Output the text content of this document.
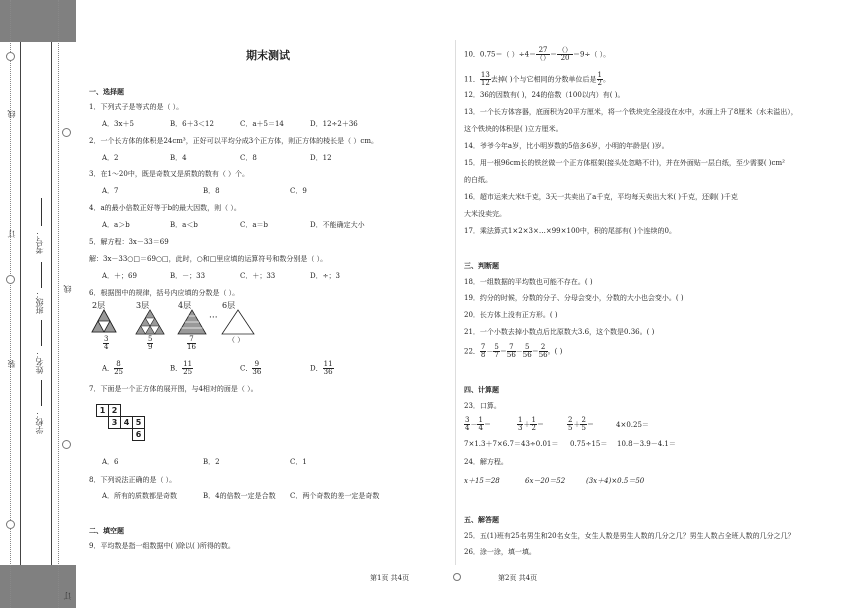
线
订
装
线
订
考号：
班级：
姓名：
学校：
期末测试
一、选择题
1．下列式子是等式的是（ ）。
A．3x＋5	B．6＋3＜12	C．a＋5＝14	D．12÷2＋36
2．一个长方体的体积是24cm³，正好可以平均分成3个正方体，则正方体的棱长是（ ）cm。
A．2	B．4	C．8	D．12
3．在1～20中，既是奇数又是质数的数有（ ）个。
A．7	B．8	C．9
4．a的最小倍数正好等于b的最大因数，则（ ）。
A．a＞b	B．a＜b	C．a＝b	D．不能确定大小
5．解方程：3x－33＝69
解：3x－33○□＝69○□，此时，○和□里应填的运算符号和数分别是（ ）。
A．＋；69	B．－；33	C．＋；33	D．÷；3
6．根据图中的规律，括号内应填的分数是（ ）。
2层	3层	4层	6层
···
（ ）
$\frac{3}{4}$	$\frac{5}{9}$	$\frac{7}{16}$
A． $\frac{8}{25}$	B． $\frac{11}{25}$	C． $\frac{9}{36}$	D． $\frac{11}{36}$
7．下面是一个正方体的展开图，与4相对的面是（ ）。
1 2
3 4 5
6
A．6	B．2	C．1
8．下列说法正确的是（ ）。
A．所有的质数都是奇数	B．4的倍数一定是合数 C．两个奇数的差一定是奇数
二、填空题
9．平均数是指一组数据中( )除以( )所得的数。
10．0.75＝（ ）$\div 4= \frac{27}{()} = \frac{()}{20} =9\div$（ ）。
11． $\frac{13}{12}$ 去掉( )个与它相同的分数单位后是 $\frac{1}{2}$ 。
12．36的因数有( )，24的倍数（100以内）有( )。
13．一个长方体容器，底面积为20平方厘米，将一个铁块完全浸没在水中，水面上升了8厘米（水未溢出），
这个铁块的体积是( )立方厘米。
14．爷爷今年a岁，比小明岁数的5倍多6岁，小明的年龄是( )岁。
15．用一根96cm长的铁丝做一个正方体框架(接头处忽略不计)，并在外面贴一层白纸，至少需要( )cm²
的白纸。
16．超市运来大米t千克，3天一共卖出了a千克，平均每天卖出大米( )千克，还剩( )千克
大米没卖完。
17．乘法算式1×2×3×…×99×100中，积的尾部有( )个连续的0。
三、判断题
18．一组数据的平均数也可能不存在。( )
19．约分的时候，分数的分子、分母会变小，分数的大小也会变小。( )
20．长方体上没有正方形。( )
21．一个小数去掉小数点后比原数大3.6，这个数是0.36。( )
22． $\frac{7}{8} - \frac{5}{7} = \frac{7}{56} - \frac{5}{56} = \frac{2}{56}$ 。( )
四、计算题
23．口算。
$\frac{3}{4} - \frac{1}{4}$ ＝	$\frac{1}{3} + \frac{1}{2}$ ＝	$\frac{2}{5} + \frac{2}{5}$ ＝	4×0.25＝
7×1.3＋7×6.7＝ 43÷0.01＝ 0.75÷15＝ 10.8－3.9－4.1＝
24．解方程。
x＋15＝28	6x－20＝52	(3x＋4)×0.5＝50
五、解答题
25．五(1)班有25名男生和20名女生，女生人数是男生人数的几分之几？男生人数占全班人数的几分之几？
26．涂一涂，填一填。
第1页 共4页	第2页 共4页
